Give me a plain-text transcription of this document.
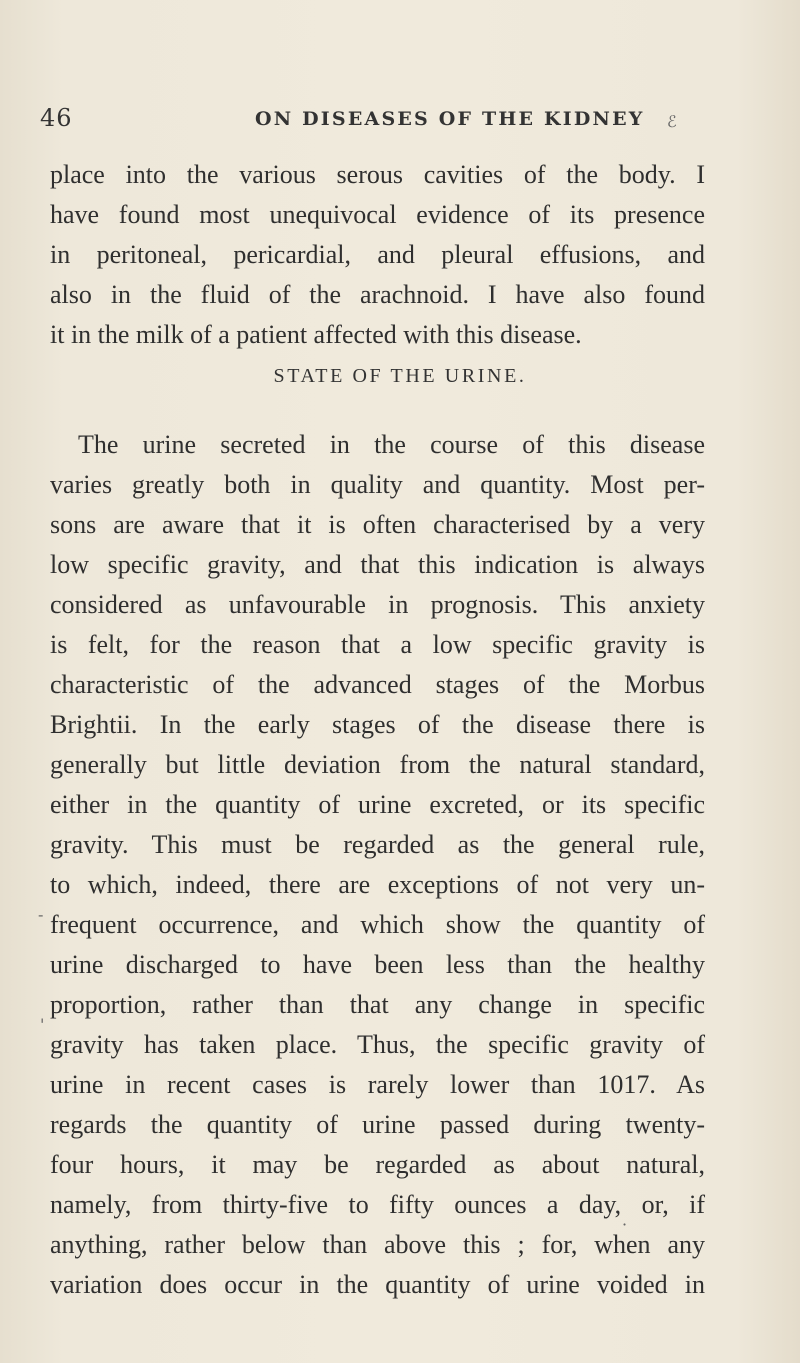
46	ON DISEASES OF THE KIDNEY ℰ
place into the various serous cavities of the body. I
have found most unequivocal evidence of its presence
in peritoneal, pericardial, and pleural effusions, and
also in the fluid of the arachnoid. I have also found
it in the milk of a patient affected with this disease.
STATE OF THE URINE.
The urine secreted in the course of this disease
varies greatly both in quality and quantity. Most per-
sons are aware that it is often characterised by a very
low specific gravity, and that this indication is always
considered as unfavourable in prognosis. This anxiety
is felt, for the reason that a low specific gravity is
characteristic of the advanced stages of the Morbus
Brightii. In the early stages of the disease there is
generally but little deviation from the natural standard,
either in the quantity of urine excreted, or its specific
gravity. This must be regarded as the general rule,
to which, indeed, there are exceptions of not very un-
frequent occurrence, and which show the quantity of
urine discharged to have been less than the healthy
proportion, rather than that any change in specific
gravity has taken place. Thus, the specific gravity of
urine in recent cases is rarely lower than 1017. As
regards the quantity of urine passed during twenty-
four hours, it may be regarded as about natural,
namely, from thirty-five to fifty ounces a day, or, if
anything, rather below than above this ; for, when any
variation does occur in the quantity of urine voided in
-
'
·
